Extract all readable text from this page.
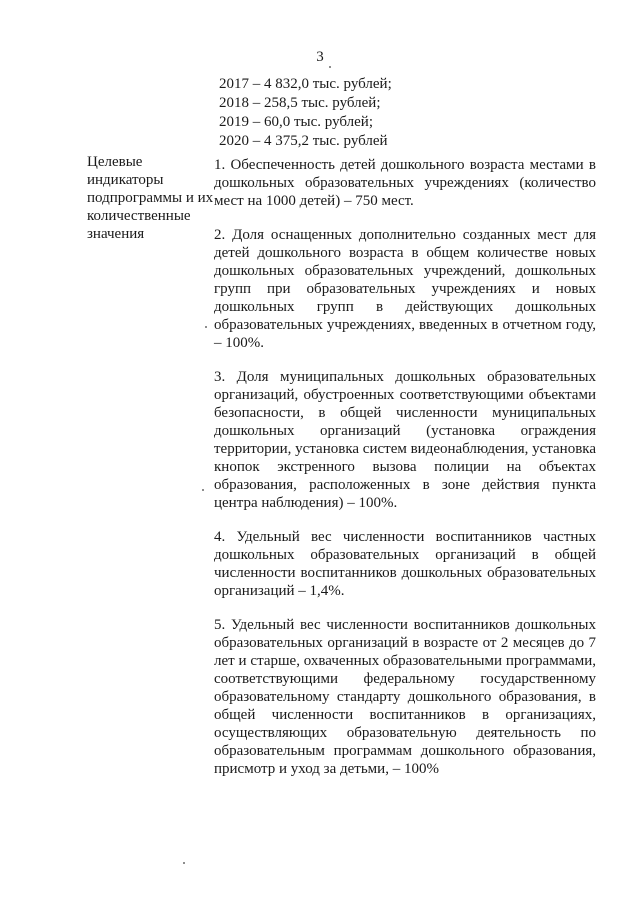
3
2017 – 4 832,0 тыс. рублей;
2018 – 258,5 тыс. рублей;
2019 – 60,0 тыс. рублей;
2020 – 4 375,2 тыс. рублей
Целевые индикаторы подпрограммы и их количественные значения

1. Обеспеченность детей дошкольного возраста местами в дошкольных образовательных учреждениях (количество мест на 1000 детей) – 750 мест.

2. Доля оснащенных дополнительно созданных мест для детей дошкольного возраста в общем количестве новых дошкольных образовательных учреждений, дошкольных групп при образовательных учреждениях и новых дошкольных групп в действующих дошкольных образовательных учреждениях, введенных в отчетном году, – 100%.

3. Доля муниципальных дошкольных образовательных организаций, обустроенных соответствующими объектами безопасности, в общей численности муниципальных дошкольных организаций (установка ограждения территории, установка систем видеонаблюдения, установка кнопок экстренного вызова полиции на объектах образования, расположенных в зоне действия пункта центра наблюдения) – 100%.

4. Удельный вес численности воспитанников частных дошкольных образовательных организаций в общей численности воспитанников дошкольных образовательных организаций – 1,4%.

5. Удельный вес численности воспитанников дошкольных образовательных организаций в возрасте от 2 месяцев до 7 лет и старше, охваченных образовательными программами, соответствующими федеральному государственному образовательному стандарту дошкольного образования, в общей численности воспитанников в организациях, осуществляющих образовательную деятельность по образовательным программам дошкольного образования, присмотр и уход за детьми, – 100%
